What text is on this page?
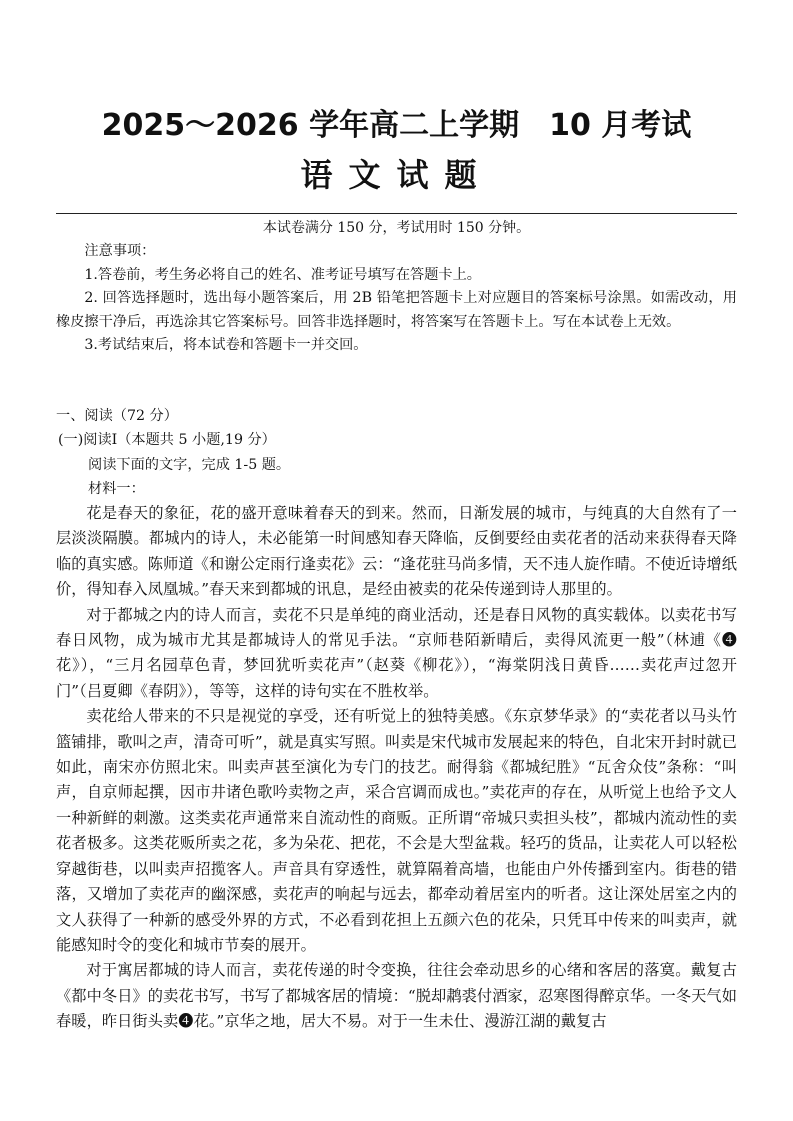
2025～2026 学年高二上学期　10 月考试
语文试题
本试卷满分 150 分，考试用时 150 分钟。

注意事项：

1.答卷前，考生务必将自己的姓名、准考证号填写在答题卡上。

2. 回答选择题时，选出每小题答案后，用 2B 铅笔把答题卡上对应题目的答案标号涂黑。如需改动，用橡皮擦干净后，再选涂其它答案标号。回答非选择题时，将答案写在答题卡上。写在本试卷上无效。

3.考试结束后，将本试卷和答题卡一并交回。

一、阅读（72 分）
(一)阅读Ⅰ（本题共 5 小题,19 分）
阅读下面的文字，完成 1-5 题。
材料一：

花是春天的象征，花的盛开意味着春天的到来。然而，日渐发展的城市，与纯真的大自然有了一层淡淡隔膜。都城内的诗人，未必能第一时间感知春天降临，反倒要经由卖花者的活动来获得春天降临的真实感。陈师道《和谢公定雨行逢卖花》云：“逢花驻马尚多情，天不违人旋作晴。不使近诗增纸价，得知春入凤凰城。”春天来到都城的讯息，是经由被卖的花朵传递到诗人那里的。

对于都城之内的诗人而言，卖花不只是单纯的商业活动，还是春日风物的真实载体。以卖花书写春日风物，成为城市尤其是都城诗人的常见手法。“京师巷陌新晴后，卖得风流更一般”（林逋《❹花》），“三月名园草色青，梦回犹听卖花声”（赵葵《柳花》），“海棠阴浅日黄昏……卖花声过忽开门”（吕夏卿《春阴》），等等，这样的诗句实在不胜枚举。

卖花给人带来的不只是视觉的享受，还有听觉上的独特美感。《东京梦华录》的“卖花者以马头竹篮铺排，歌叫之声，清奇可听”，就是真实写照。叫卖是宋代城市发展起来的特色，自北宋开封时就已如此，南宋亦仿照北宋。叫卖声甚至演化为专门的技艺。耐得翁《都城纪胜》“瓦舍众伎”条称：“叫声，自京师起撰，因市井诸色歌吟卖物之声，采合宫调而成也。”卖花声的存在，从听觉上也给予文人一种新鲜的刺激。这类卖花声通常来自流动性的商贩。正所谓“帝城只卖担头枝”，都城内流动性的卖花者极多。这类花贩所卖之花，多为朵花、把花，不会是大型盆栽。轻巧的货品，让卖花人可以轻松穿越街巷，以叫卖声招揽客人。声音具有穿透性，就算隔着高墙，也能由户外传播到室内。街巷的错落，又增加了卖花声的幽深感，卖花声的响起与远去，都牵动着居室内的听者。这让深处居室之内的文人获得了一种新的感受外界的方式，不必看到花担上五颜六色的花朵，只凭耳中传来的叫卖声，就能感知时令的变化和城市节奏的展开。

对于寓居都城的诗人而言，卖花传递的时令变换，往往会牵动思乡的心绪和客居的落寞。戴复古《都中冬日》的卖花书写，书写了都城客居的情境：“脱却鹔裘付酒家，忍寒图得醉京华。一冬天气如春暖，昨日街头卖❹花。”京华之地，居大不易。对于一生未仕、漫游江湖的戴复古
